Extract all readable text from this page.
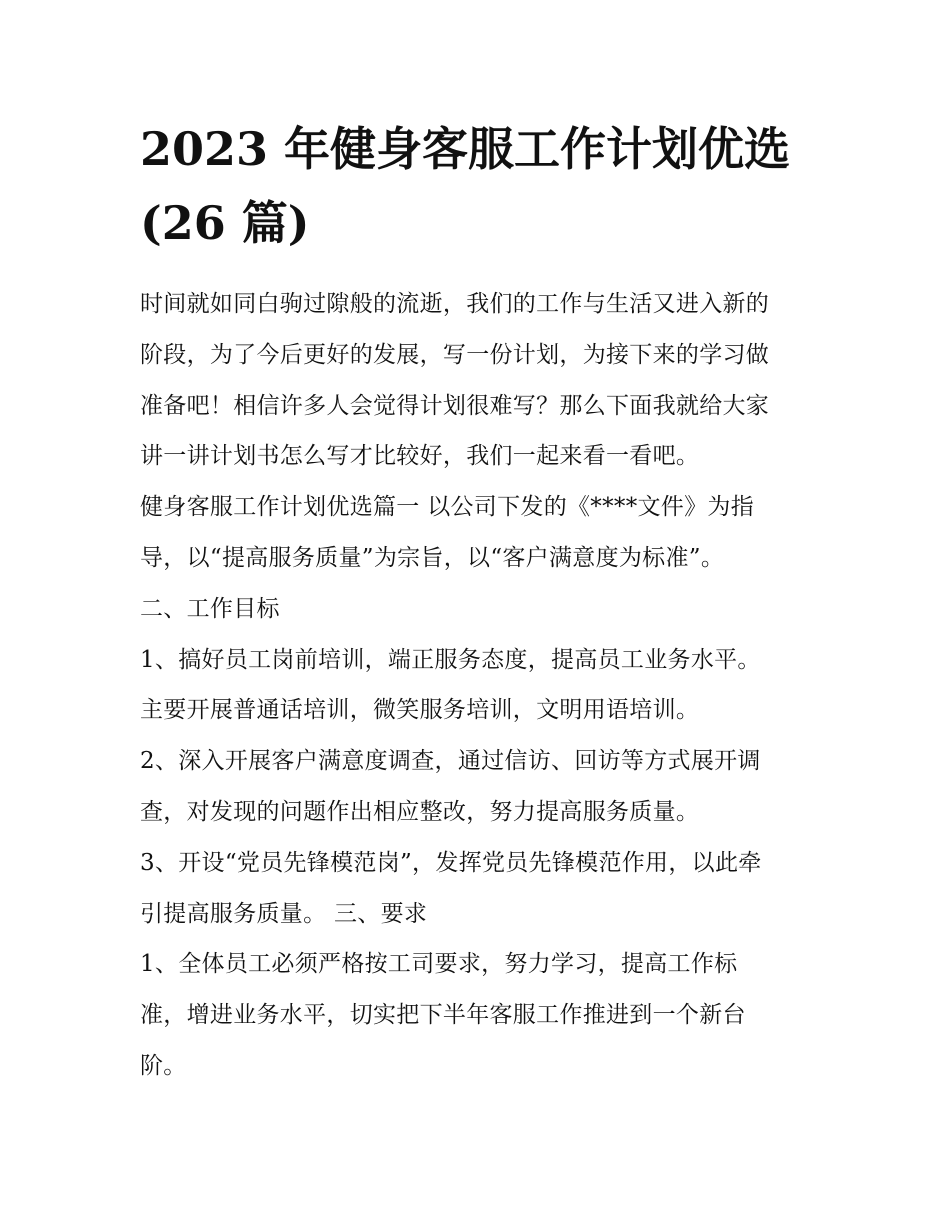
2023 年健身客服工作计划优选
(26 篇)
时间就如同白驹过隙般的流逝，我们的工作与生活又进入新的
阶段，为了今后更好的发展，写一份计划，为接下来的学习做
准备吧！相信许多人会觉得计划很难写？那么下面我就给大家
讲一讲计划书怎么写才比较好，我们一起来看一看吧。
健身客服工作计划优选篇一 以公司下发的《****文件》为指
导，以“提高服务质量”为宗旨，以“客户满意度为标准”。
二、工作目标
1、搞好员工岗前培训，端正服务态度，提高员工业务水平。
主要开展普通话培训，微笑服务培训，文明用语培训。
2、深入开展客户满意度调查，通过信访、回访等方式展开调
查，对发现的问题作出相应整改，努力提高服务质量。
3、开设“党员先锋模范岗”，发挥党员先锋模范作用，以此牵
引提高服务质量。 三、要求
1、全体员工必须严格按工司要求，努力学习，提高工作标
准，增进业务水平，切实把下半年客服工作推进到一个新台
阶。
